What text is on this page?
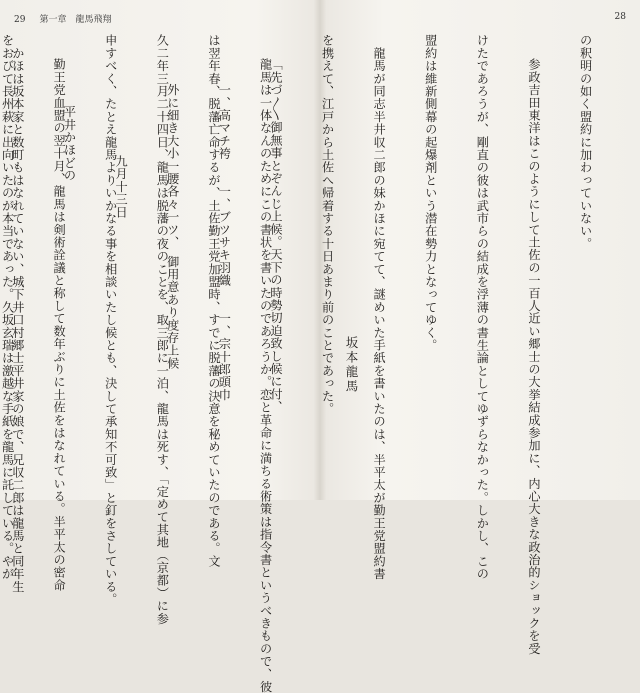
29 第一章　龍馬飛翔

龍馬は一体なんのためにこの書状を書いたのであろうか。恋と革命に満ちる術策は指令書というべきもので、彼

は翌年春、脱藩亡命するが、土佐勤王党加盟時、すでに脱藩の決意を秘めていたのである。文

久二年三月二十四日、龍馬は脱藩の夜のことを、取三郎に一泊、龍馬は死す、「定めて其地（京都）に参

申すべく、たとえ龍馬よりいかなる事を相談いたし候とも、決して承知不可致」と釘をさしている。

勤王党血盟の翌十月、龍馬は剣術詮議と称して数年ぶりに土佐をはなれている。半平太の密命

をおびて長州萩に出向いたのが本当であった。久坂玄瑞は激越な手紙を龍馬に託している。やが

28

の釈明の如く盟約に加わっていない。

参政吉田東洋はこのようにして土佐の一百人近い郷士の大挙結成参加に、内心大きな政治的ショックを受

けたであろうが、剛直の彼は武市らの結成を浮薄の書生論としてゆずらなかった。しかし、この

盟約は維新側幕の起爆剤という潜在勢力となってゆく。

　龍馬が同志半井収二郎の妹かほに宛てて、謎めいた手紙を書いたのは、半平太が勤王党盟約書

を携えて、江戸から土佐へ帰着する十日あまり前のことであった。

「先づ〳〵御無事とぞんじ上候。天下の時勢切迫致し候に付、

　　一、高マチ袴　　一、ブツサキ羽織　　一、宗十郎頭巾

　　外に細き大小一腰各々一ツ、　御用意あり度存上候

　　　　九月十三日

　　平井かほどの

　かほは坂本家と数町もはなれていない、城下井口村郷士平井家の娘で、兄収二郎は龍馬と同年生

	坂本龍馬
